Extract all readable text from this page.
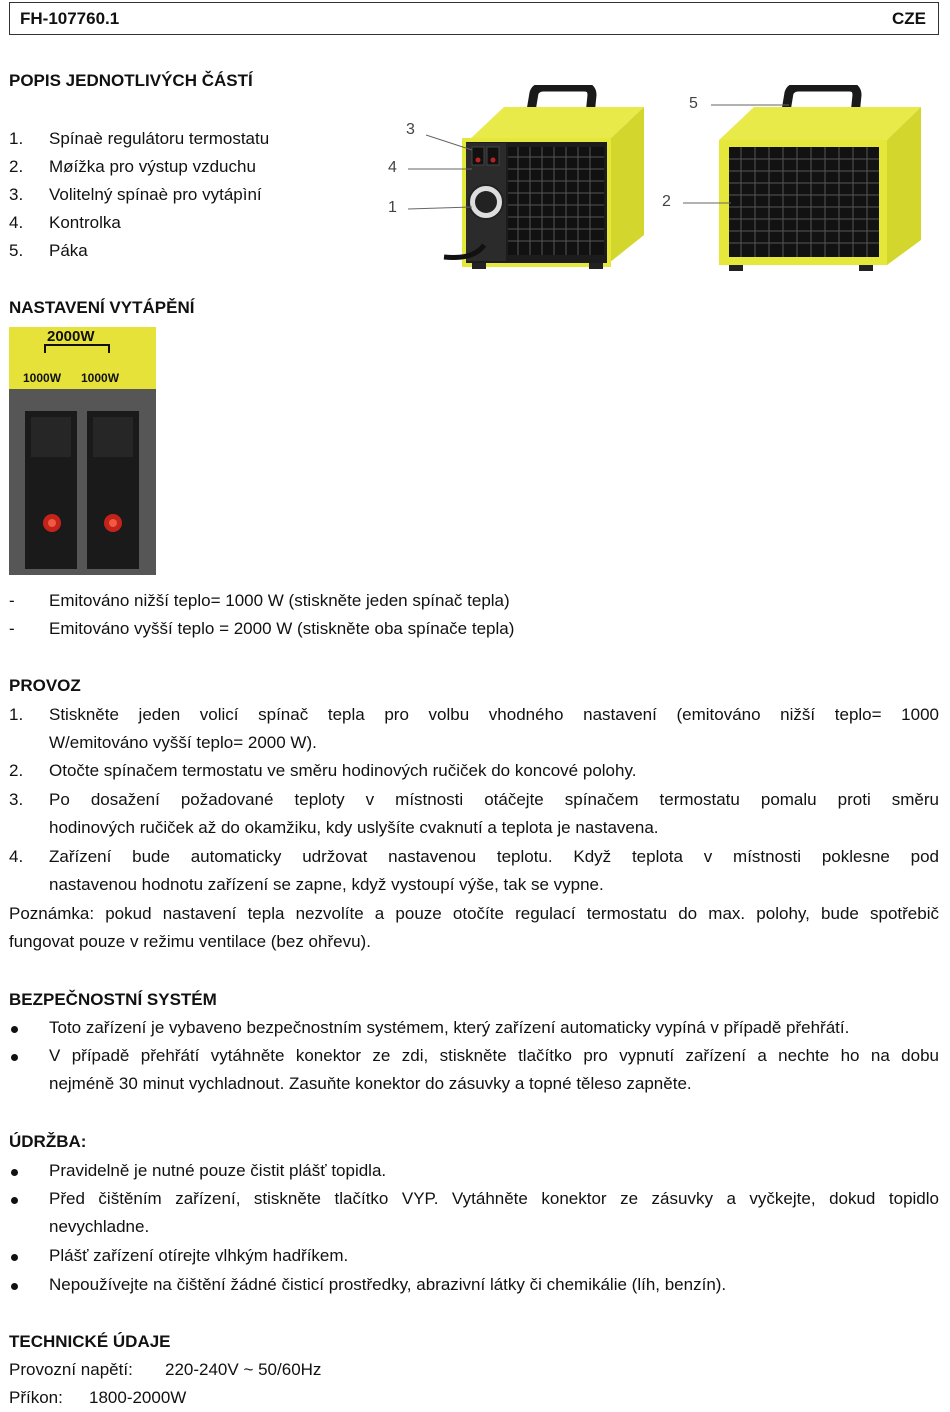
FH-107760.1	CZE
POPIS JEDNOTLIVÝCH ČÁSTÍ
1.	Spínaè regulátoru termostatu
2.	Møížka pro výstup vzduchu
3.	Volitelný spínaè pro vytápìní
4.	Kontrolka
5.	Páka
3
4
1
5
2
NASTAVENÍ VYTÁPĚNÍ
2000W
1000W 1000W
-	Emitováno nižší teplo= 1000 W (stiskněte jeden spínač tepla)
-	Emitováno vyšší teplo = 2000 W (stiskněte oba spínače tepla)
PROVOZ
1.	Stiskněte jeden volicí spínač tepla pro volbu vhodného nastavení (emitováno nižší teplo= 1000
W/emitováno vyšší teplo= 2000 W).
2.	Otočte spínačem termostatu ve směru hodinových ručiček do koncové polohy.
3.	Po dosažení požadované teploty v místnosti otáčejte spínačem termostatu pomalu proti směru
hodinových ručiček až do okamžiku, kdy uslyšíte cvaknutí a teplota je nastavena.
4.	Zařízení bude automaticky udržovat nastavenou teplotu. Když teplota v místnosti poklesne pod
nastavenou hodnotu zařízení se zapne, když vystoupí výše, tak se vypne.
Poznámka: pokud nastavení tepla nezvolíte a pouze otočíte regulací termostatu do max. polohy, bude spotřebič
fungovat pouze v režimu ventilace (bez ohřevu).
BEZPEČNOSTNÍ SYSTÉM
Toto zařízení je vybaveno bezpečnostním systémem, který zařízení automaticky vypíná v případě přehřátí.
V případě přehřátí vytáhněte konektor ze zdi, stiskněte tlačítko pro vypnutí zařízení a nechte ho na dobu
nejméně 30 minut vychladnout. Zasuňte konektor do zásuvky a topné těleso zapněte.
ÚDRŽBA:
Pravidelně je nutné pouze čistit plášť topidla.
Před čištěním zařízení, stiskněte tlačítko VYP. Vytáhněte konektor ze zásuvky a vyčkejte, dokud topidlo
nevychladne.
Plášť zařízení otírejte vlhkým hadříkem.
Nepoužívejte na čištění žádné čisticí prostředky, abrazivní látky či chemikálie (líh, benzín).
TECHNICKÉ ÚDAJE
Provozní napětí: 220-240V ~ 50/60Hz
Příkon: 1800-2000W
